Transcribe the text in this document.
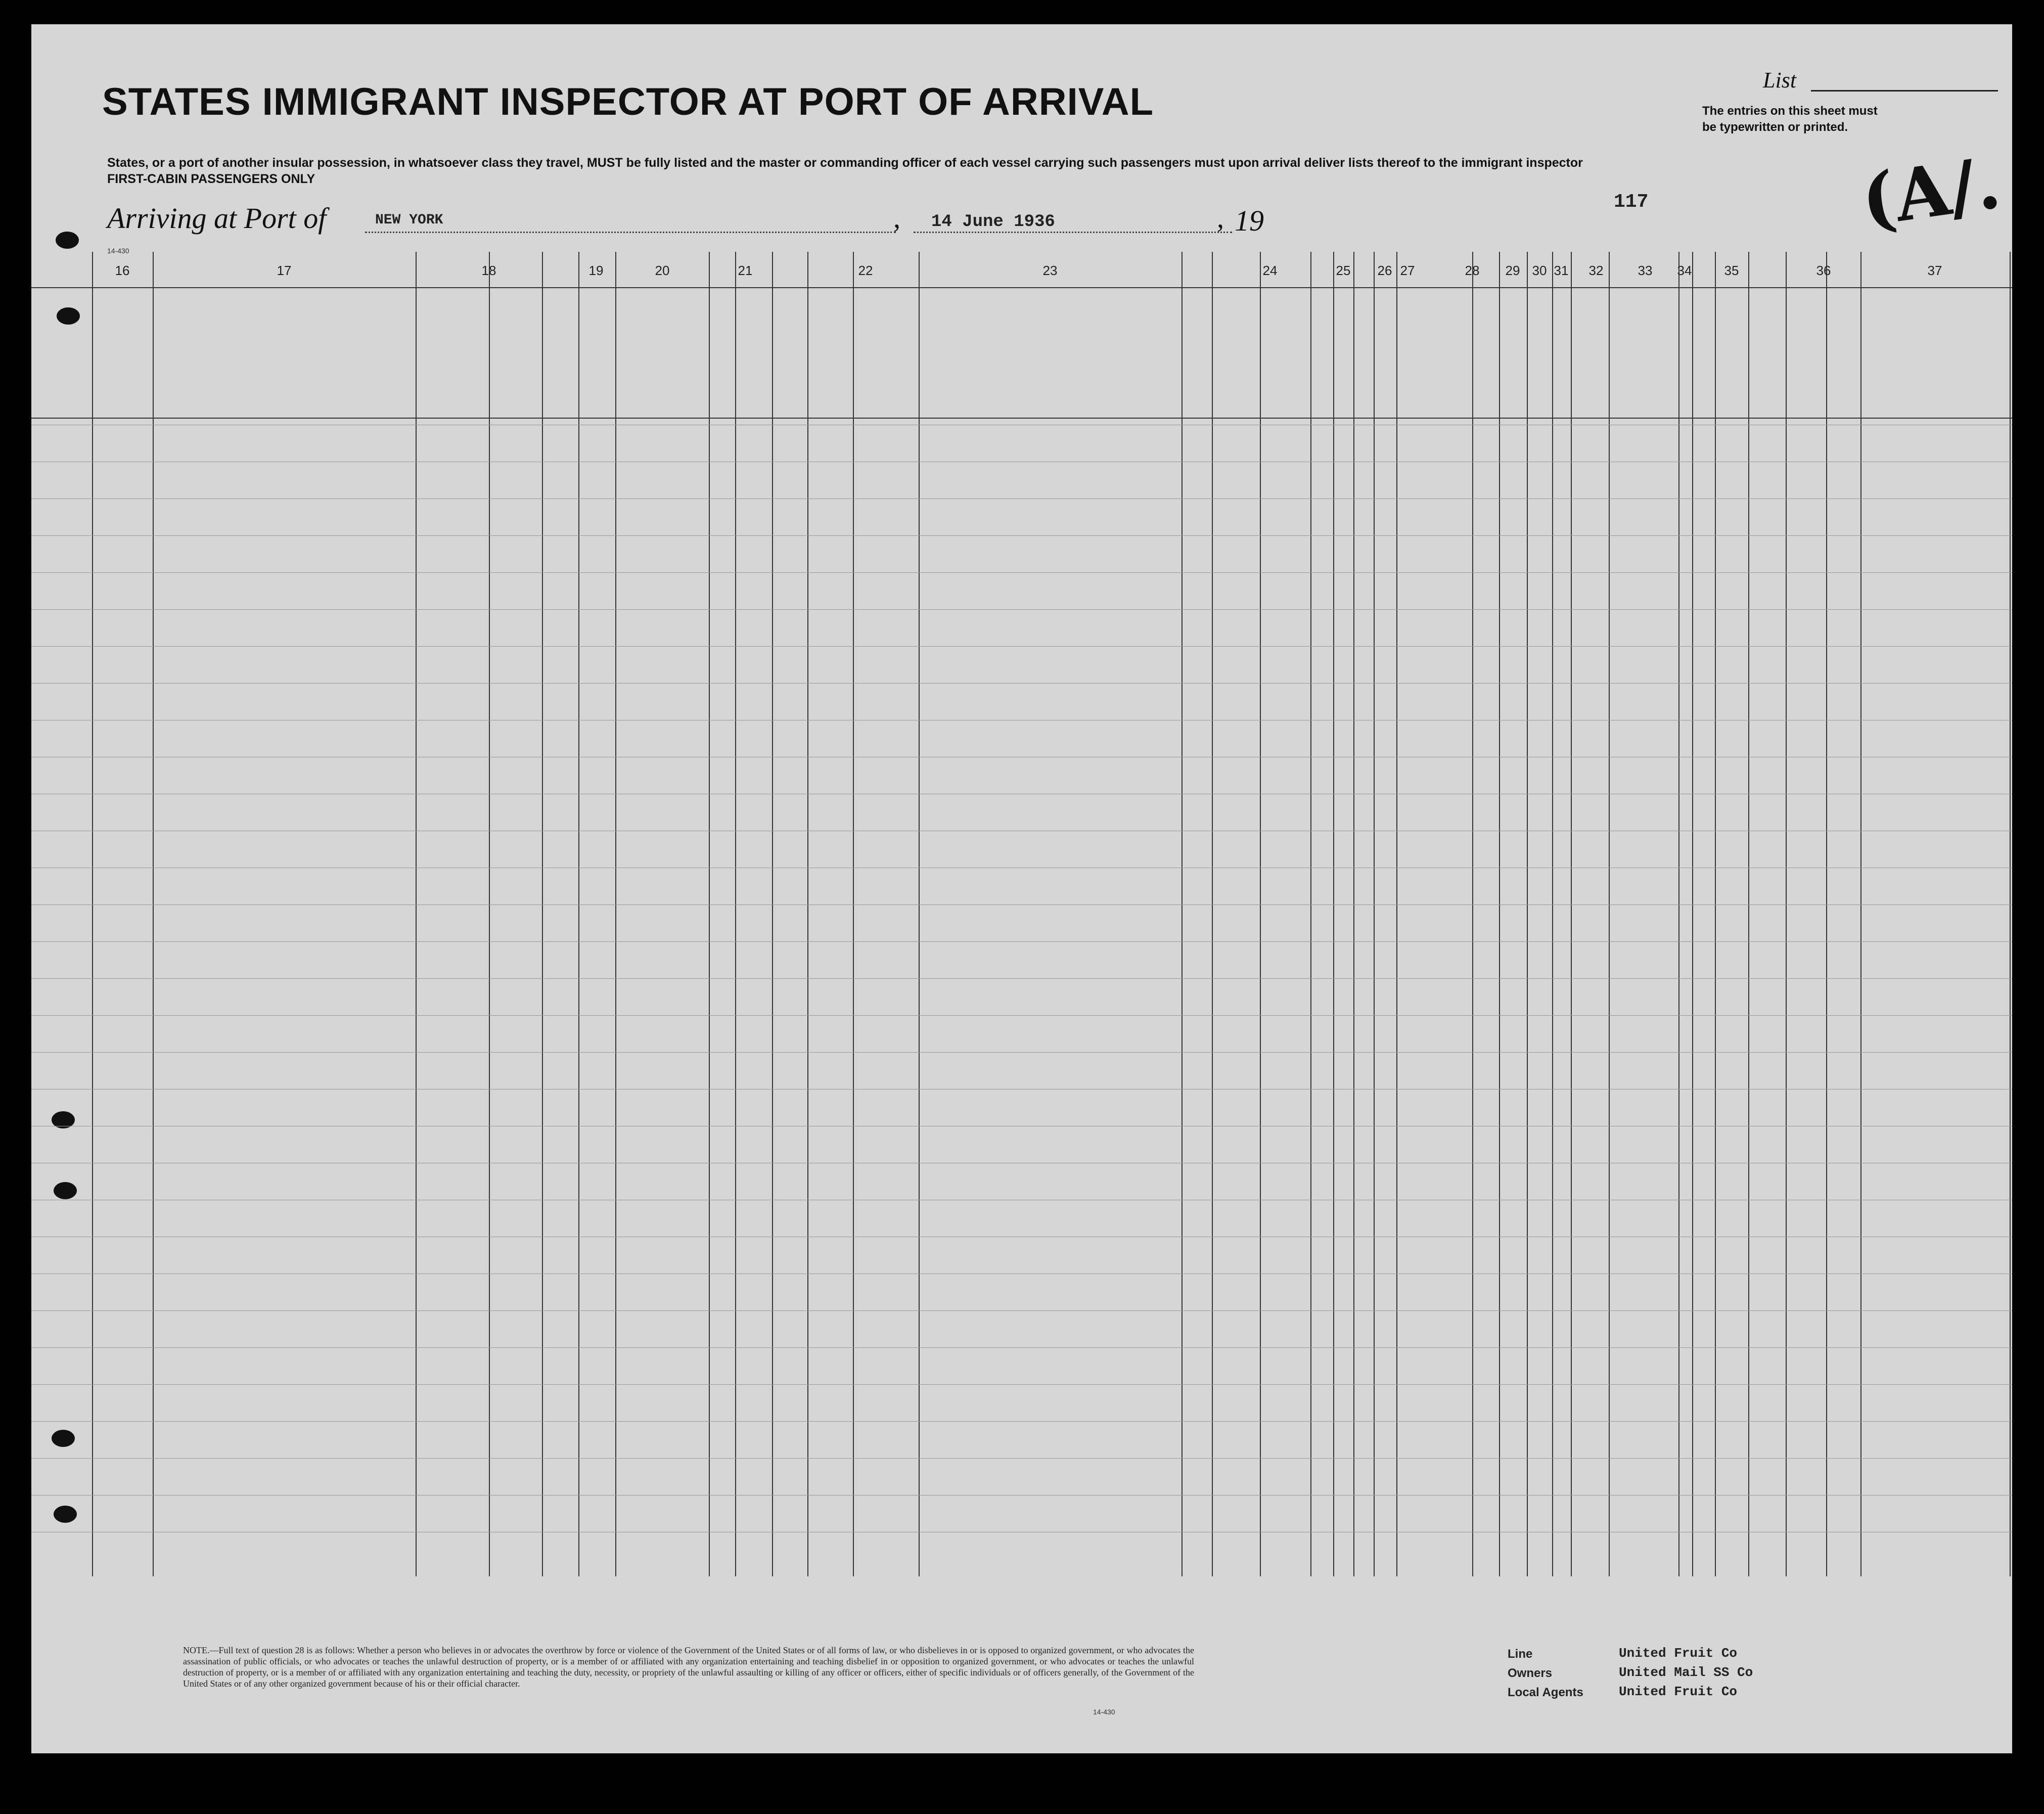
STATES IMMIGRANT INSPECTOR AT PORT OF ARRIVAL
States, or a port of another insular possession, in whatsoever class they travel, MUST be fully listed and the master or commanding officer of each vessel carrying such passengers must upon arrival deliver lists thereof to the immigrant inspector
FIRST-CABIN PASSENGERS ONLY
List
The entries on this sheet must
be typewritten or printed.
(A/.
Arriving at Port of	NEW YORK	, 14 June 1936	, 19
117
14-430
16	17	18	19	20	21	22	23	24	25	26 27	28	29 30 31	32	33	34	35	36	37
NOTE.—Full text of question 28 is as follows: Whether a person who believes in or advocates the overthrow by force or violence of the Government of the United States or of all forms of law, or who disbelieves in or is opposed to organized government, or who advocates the assassination of public officials, or who advocates or teaches the unlawful destruction of property, or is a member of or affiliated with any organization entertaining and teaching disbelief in or opposition to organized government, or who advocates or teaches the unlawful destruction of property, or is a member of or affiliated with any organization entertaining and teaching the duty, necessity, or propriety of the unlawful assaulting or killing of any officer or officers, either of specific individuals or of officers generally, of the Government of the United States or of any other organized government because of his or their official character.
Line	United Fruit Co
Owners	United Mail SS Co
Local Agents	United Fruit Co
14-430
